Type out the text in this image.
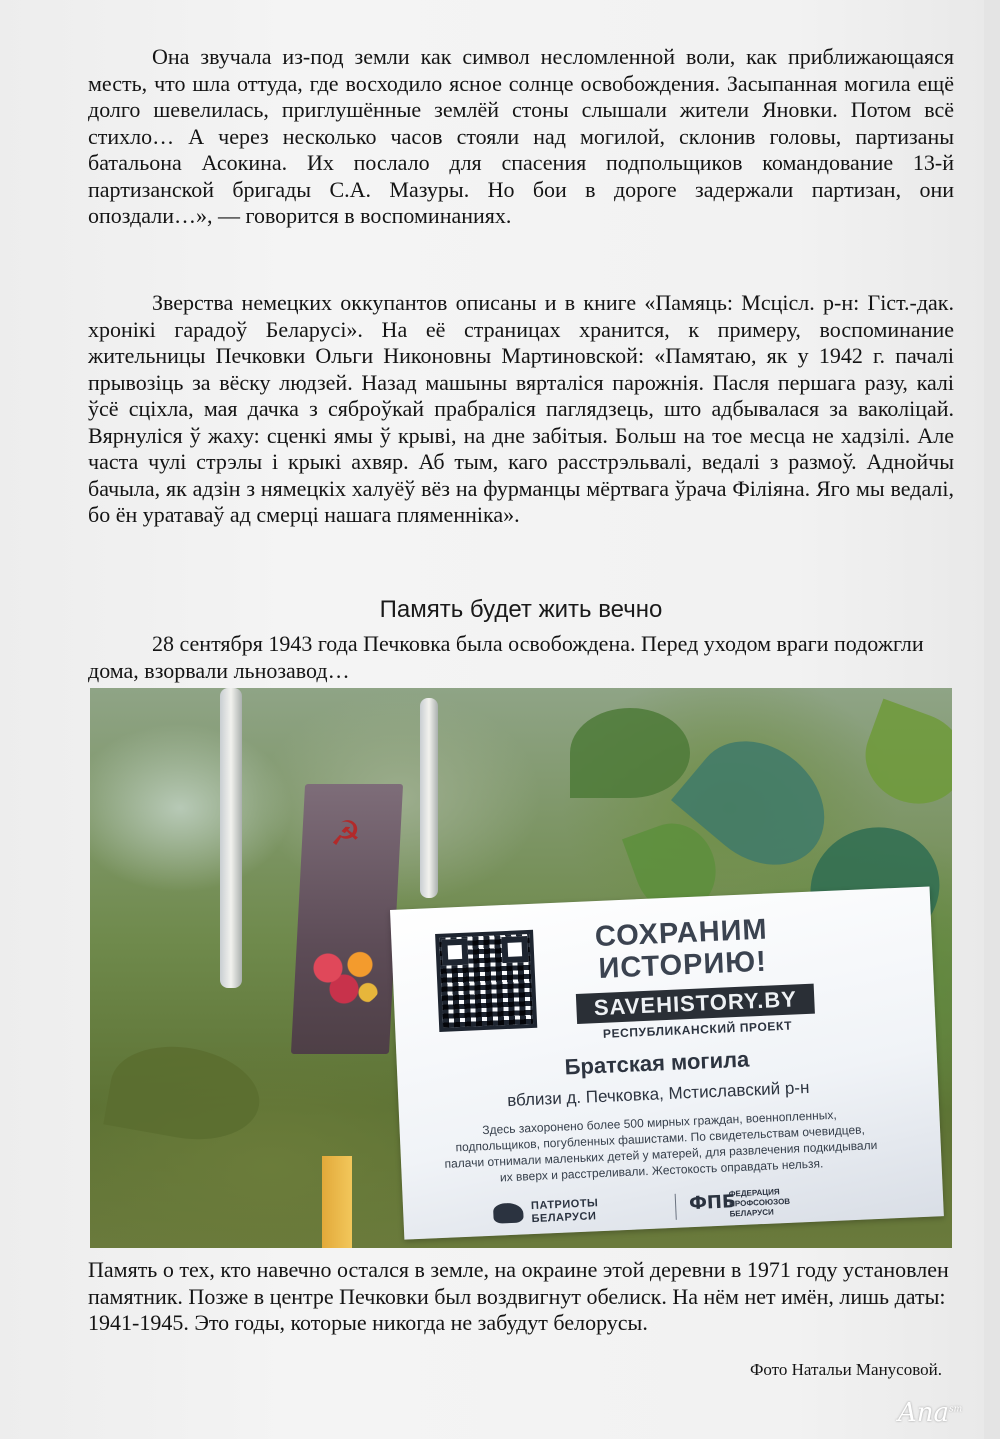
Она звучала из-под земли как символ несломленной воли, как приближающаяся месть, что шла оттуда, где восходило ясное солнце освобождения. Засыпанная могила ещё долго шевелилась, приглушённые землёй стоны слышали жители Яновки. Потом всё стихло… А через несколько часов стояли над могилой, склонив головы, партизаны батальона Асокина. Их послало для спасения подпольщиков командование 13-й партизанской бригады С.А. Мазуры. Но бои в дороге задержали партизан, они опоздали…», — говорится в воспоминаниях.

Зверства немецких оккупантов описаны и в книге «Памяць: Мсцісл. р-н: Гіст.-дак. хронікі гарадоў Беларусі». На её страницах хранится, к примеру, воспоминание жительницы Печковки Ольги Никоновны Мартиновской: «Памятаю, як у 1942 г. пачалі прывозіць за вёску людзей. Назад машыны вярталіся парожнія. Пасля першага разу, калі ўсё сціхла, мая дачка з сяброўкай прабраліся паглядзець, што адбывалася за ваколіцай. Вярнуліся ў жаху: сценкі ямы ў крыві, на дне забітыя. Больш на тое месца не хадзілі. Але часта чулі стрэлы і крыкі ахвяр. Аб тым, каго расстрэльвалі, ведалі з размоў. Аднойчы бачыла, як адзін з нямецкіх халуёў вёз на фурманцы мёртвага ўрача Філіяна. Яго мы ведалі, бо ён уратаваў ад смерці нашага пляменніка».

Память будет жить вечно

28 сентября 1943 года Печковка была освобождена. Перед уходом враги подожгли дома, взорвали льнозавод…

☭
СОХРАНИМ ИСТОРИЮ!
SAVEHISTORY.BY
РЕСПУБЛИКАНСКИЙ ПРОЕКТ
Братская могила
вблизи д. Печковка, Мстиславский р-н
Здесь захоронено более 500 мирных граждан, военнопленных, подпольщиков, погубленных фашистами. По свидетельствам очевидцев, палачи отнимали маленьких детей у матерей, для развлечения подкидывали их вверх и расстреливали. Жестокость оправдать нельзя.
ПАТРИОТЫ БЕЛАРУСИ
ФПБ
ФЕДЕРАЦИЯ ПРОФСОЮЗОВ БЕЛАРУСИ

Память о тех, кто навечно остался в земле, на окраине этой деревни в 1971 году установлен памятник. Позже в центре Печковки был воздвигнут обелиск. На нём нет имён, лишь даты: 1941-1945. Это годы, которые никогда не забудут белорусы.

Фото Натальи Манусовой.
Ana$^{sm}$
